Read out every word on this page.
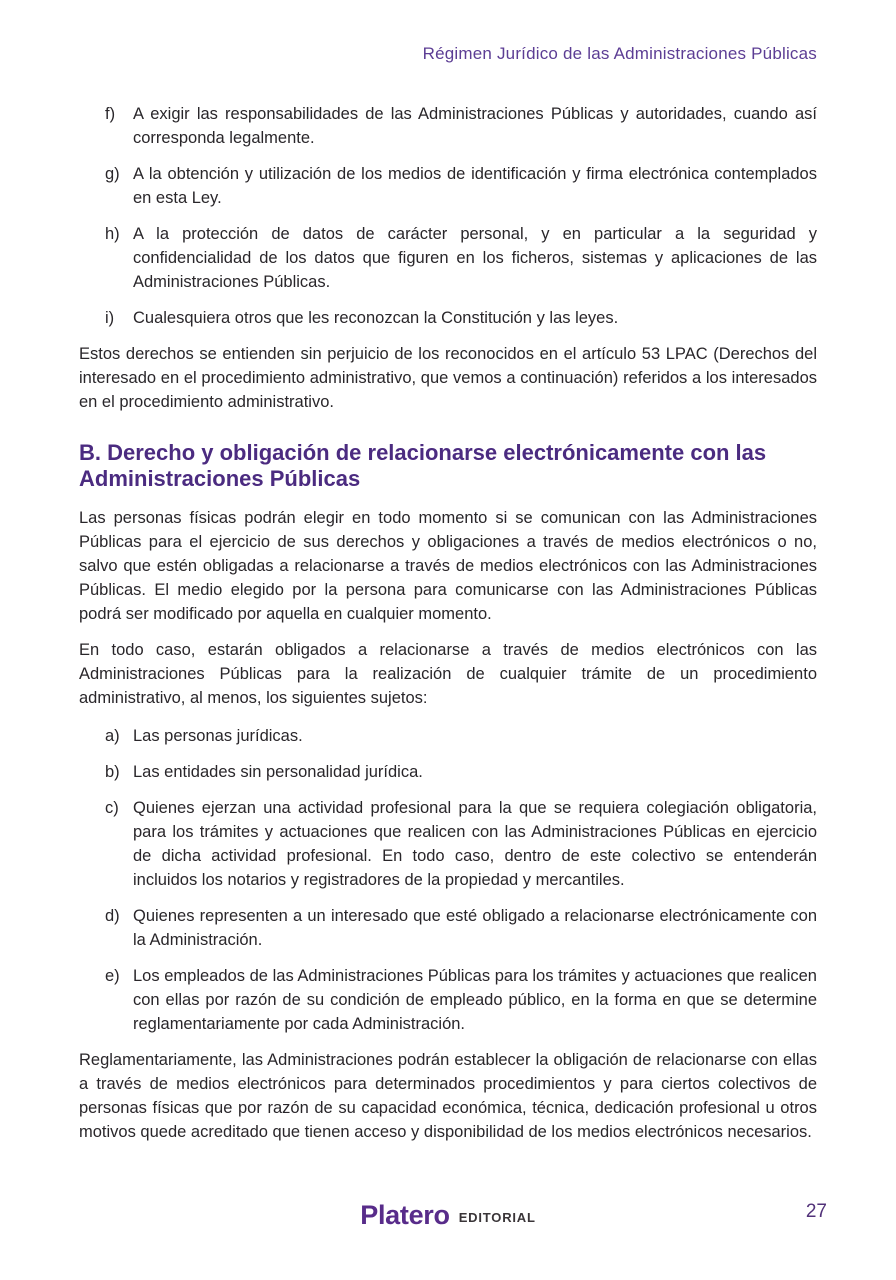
Régimen Jurídico de las Administraciones Públicas
f)	A exigir las responsabilidades de las Administraciones Públicas y autoridades, cuando así corresponda legalmente.
g) A la obtención y utilización de los medios de identificación y firma electrónica contemplados en esta Ley.
h) A la protección de datos de carácter personal, y en particular a la seguridad y confidencialidad de los datos que figuren en los ficheros, sistemas y aplicaciones de las Administraciones Públicas.
i)	Cualesquiera otros que les reconozcan la Constitución y las leyes.

Estos derechos se entienden sin perjuicio de los reconocidos en el artículo 53 LPAC (Derechos del interesado en el procedimiento administrativo, que vemos a continuación) referidos a los interesados en el procedimiento administrativo.

B. Derecho y obligación de relacionarse electrónicamente con las Administraciones Públicas

Las personas físicas podrán elegir en todo momento si se comunican con las Administraciones Públicas para el ejercicio de sus derechos y obligaciones a través de medios electrónicos o no, salvo que estén obligadas a relacionarse a través de medios electrónicos con las Administraciones Públicas. El medio elegido por la persona para comunicarse con las Administraciones Públicas podrá ser modificado por aquella en cualquier momento.

En todo caso, estarán obligados a relacionarse a través de medios electrónicos con las Administraciones Públicas para la realización de cualquier trámite de un procedimiento administrativo, al menos, los siguientes sujetos:

a) Las personas jurídicas.
b) Las entidades sin personalidad jurídica.
c) Quienes ejerzan una actividad profesional para la que se requiera colegiación obligatoria, para los trámites y actuaciones que realicen con las Administraciones Públicas en ejercicio de dicha actividad profesional. En todo caso, dentro de este colectivo se entenderán incluidos los notarios y registradores de la propiedad y mercantiles.
d) Quienes representen a un interesado que esté obligado a relacionarse electrónicamente con la Administración.
e) Los empleados de las Administraciones Públicas para los trámites y actuaciones que realicen con ellas por razón de su condición de empleado público, en la forma en que se determine reglamentariamente por cada Administración.

Reglamentariamente, las Administraciones podrán establecer la obligación de relacionarse con ellas a través de medios electrónicos para determinados procedimientos y para ciertos colectivos de personas físicas que por razón de su capacidad económica, técnica, dedicación profesional u otros motivos quede acreditado que tienen acceso y disponibilidad de los medios electrónicos necesarios.

Platero EDITORIAL	27
